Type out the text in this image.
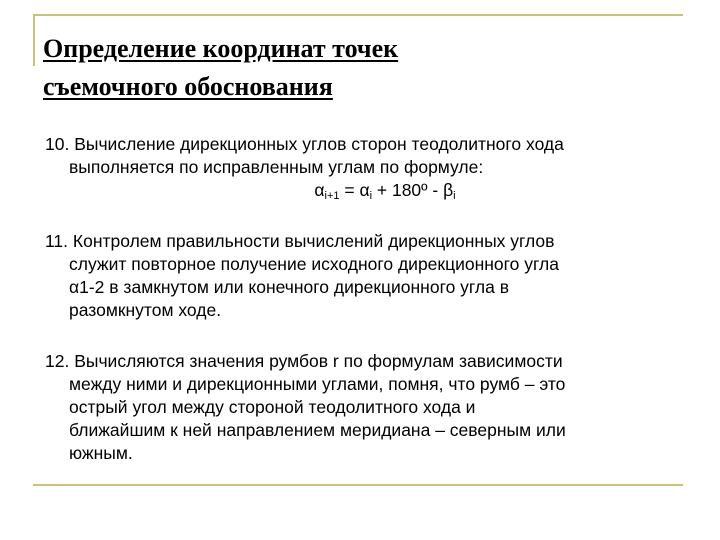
Определение координат точек
съемочного обоснования
10. Вычисление дирекционных углов сторон теодолитного хода
выполняется по исправленным углам по формуле:
$\alpha_{i+1} = \alpha_i$ + 180º - $\beta_i$
11. Контролем правильности вычислений дирекционных углов
служит повторное получение исходного дирекционного угла
α1-2 в замкнутом или конечного дирекционного угла в
разомкнутом ходе.
12. Вычисляются значения румбов r по формулам зависимости
между ними и дирекционными углами, помня, что румб – это
острый угол между стороной теодолитного хода и
ближайшим к ней направлением меридиана – северным или
южным.
